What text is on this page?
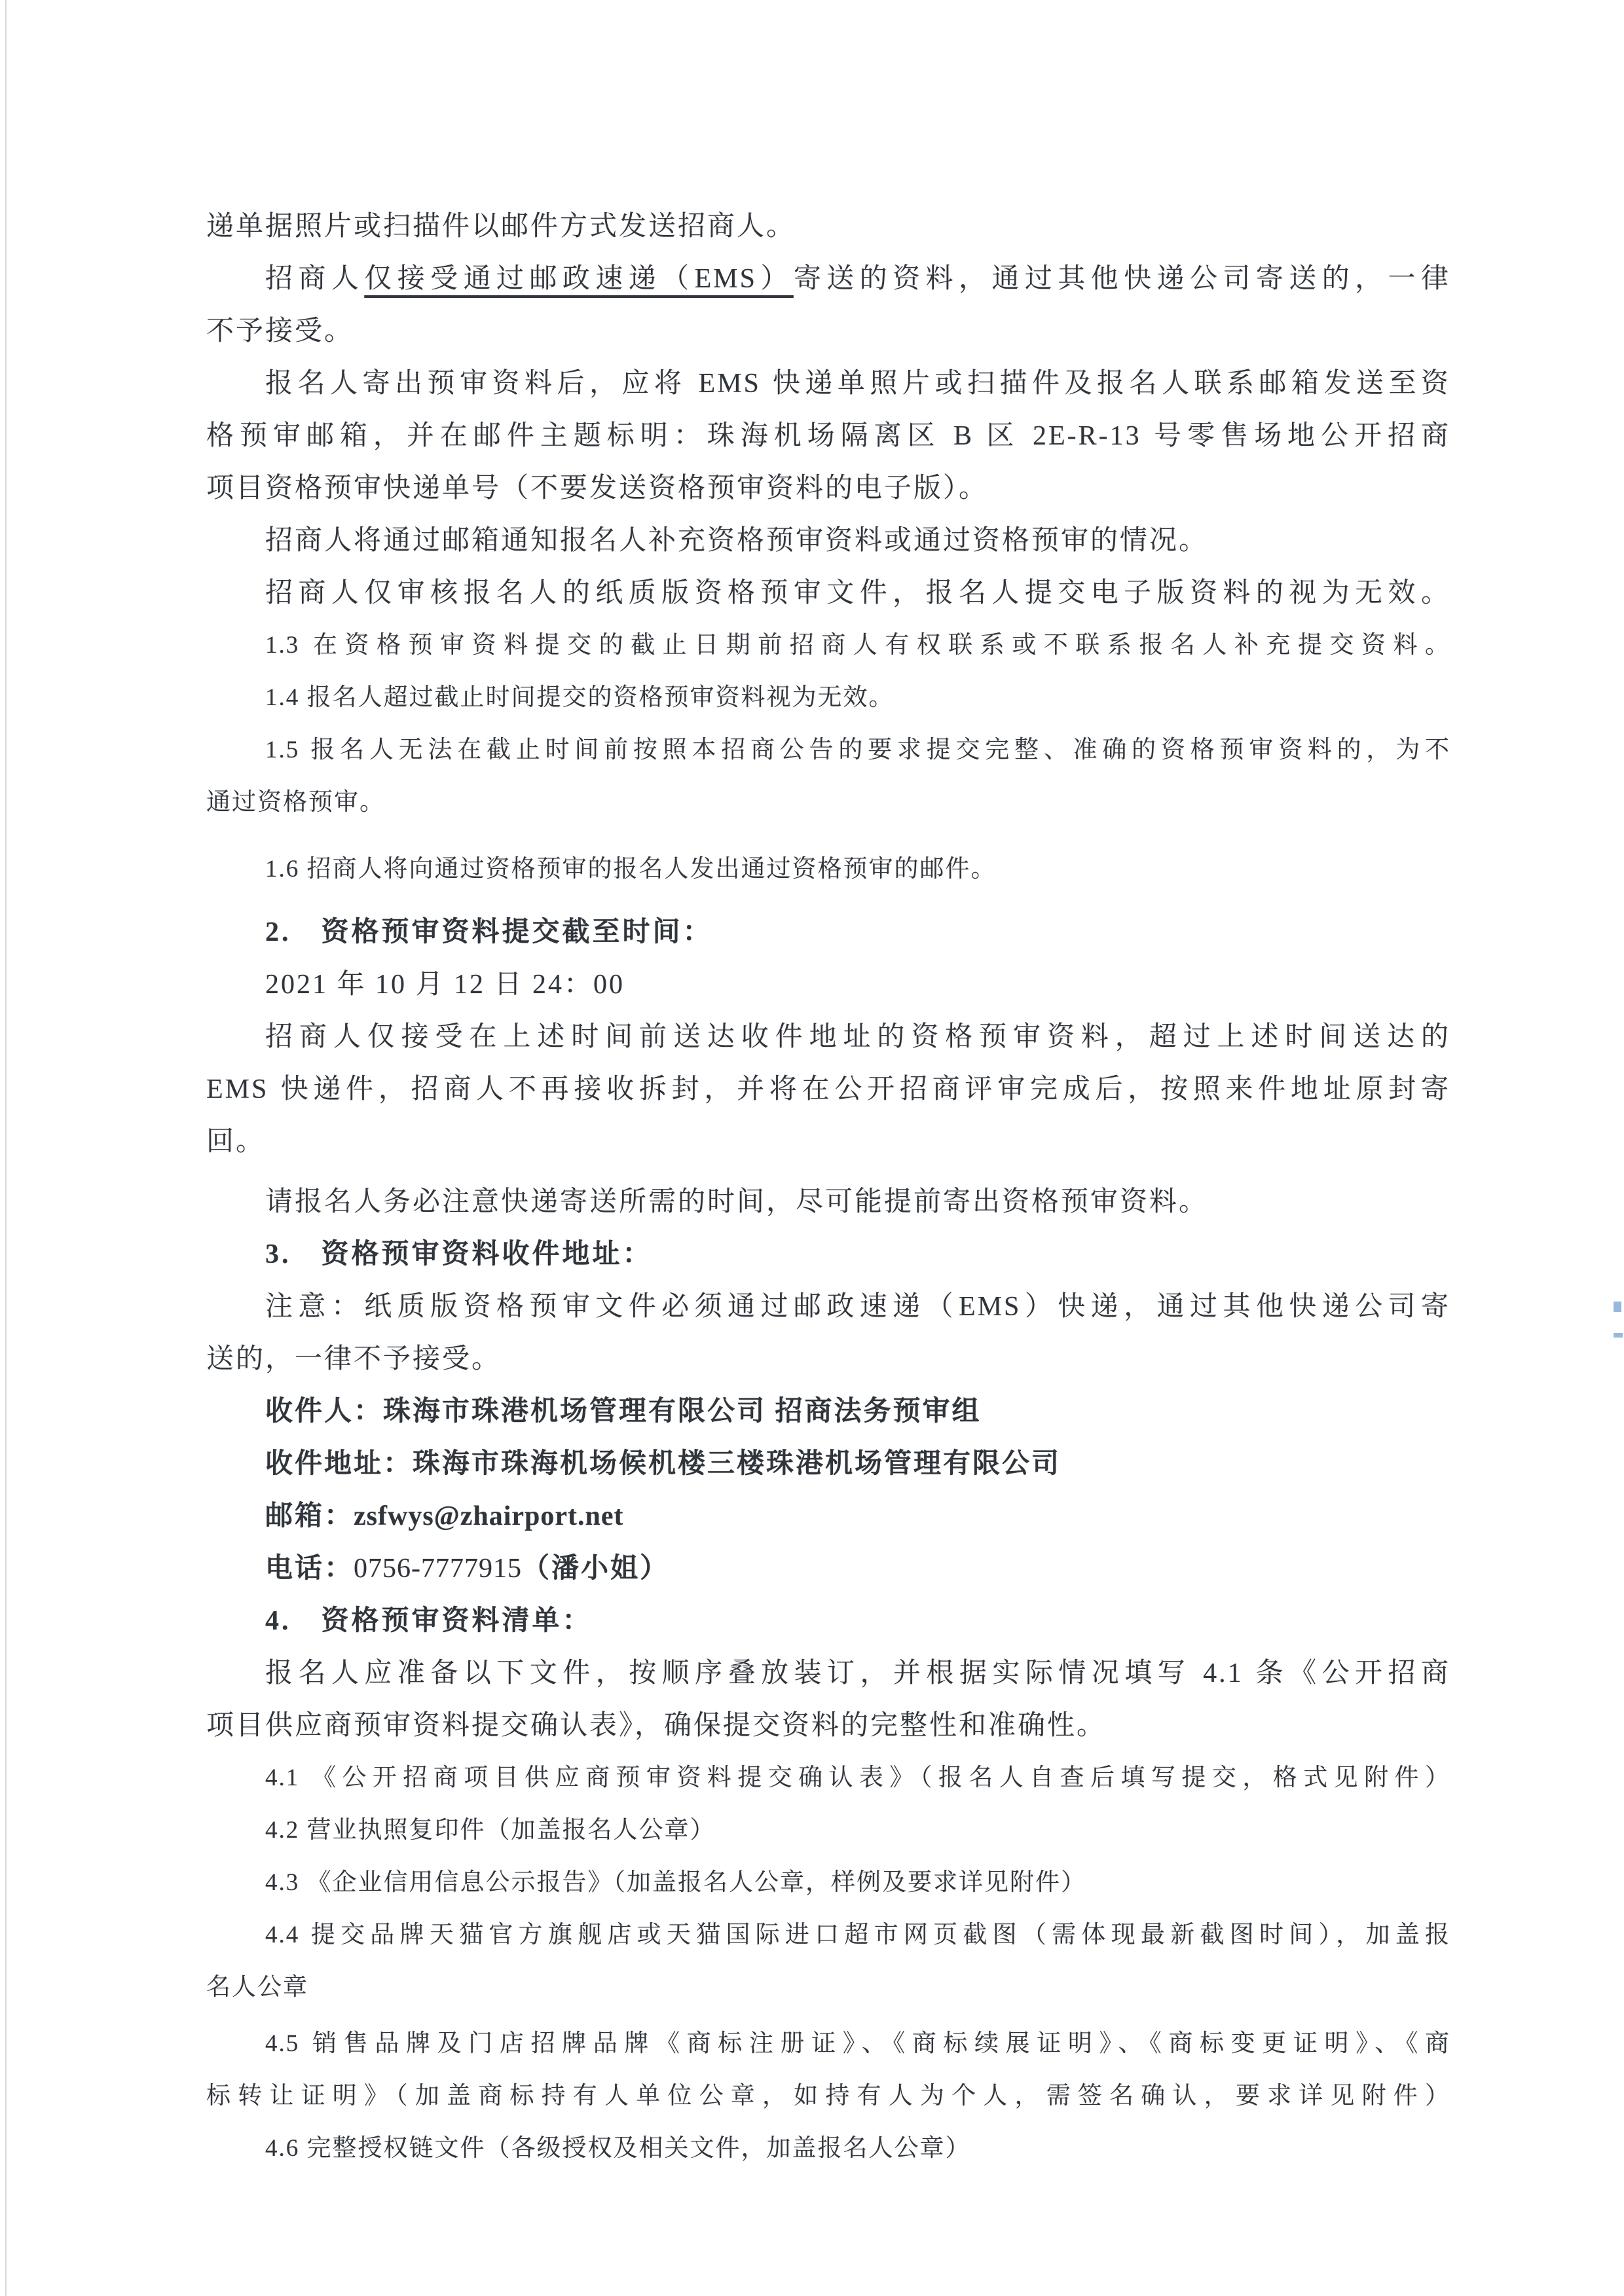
递单据照片或扫描件以邮件方式发送招商人。
招商人仅接受通过邮政速递（EMS）寄送的资料，通过其他快递公司寄送的，一律
不予接受。
报名人寄出预审资料后，应将 EMS 快递单照片或扫描件及报名人联系邮箱发送至资
格预审邮箱，并在邮件主题标明：珠海机场隔离区 B 区 2E-R-13 号零售场地公开招商
项目资格预审快递单号（不要发送资格预审资料的电子版）。
招商人将通过邮箱通知报名人补充资格预审资料或通过资格预审的情况。
招商人仅审核报名人的纸质版资格预审文件，报名人提交电子版资料的视为无效。
1.3 在资格预审资料提交的截止日期前招商人有权联系或不联系报名人补充提交资料。
1.4 报名人超过截止时间提交的资格预审资料视为无效。
1.5 报名人无法在截止时间前按照本招商公告的要求提交完整、准确的资格预审资料的，为不
通过资格预审。
1.6 招商人将向通过资格预审的报名人发出通过资格预审的邮件。
2.　资格预审资料提交截至时间：
2021 年 10 月 12 日 24：00
招商人仅接受在上述时间前送达收件地址的资格预审资料，超过上述时间送达的
EMS 快递件，招商人不再接收拆封，并将在公开招商评审完成后，按照来件地址原封寄
回。
请报名人务必注意快递寄送所需的时间，尽可能提前寄出资格预审资料。
3.　资格预审资料收件地址：
注意：纸质版资格预审文件必须通过邮政速递（EMS）快递，通过其他快递公司寄
送的，一律不予接受。
收件人：珠海市珠港机场管理有限公司 招商法务预审组
收件地址：珠海市珠海机场候机楼三楼珠港机场管理有限公司
邮箱：zsfwys@zhairport.net
电话：0756-7777915（潘小姐）
4.　资格预审资料清单：
报名人应准备以下文件，按顺序叠放装订，并根据实际情况填写 4.1 条《公开招商
项目供应商预审资料提交确认表》，确保提交资料的完整性和准确性。
4.1 《公开招商项目供应商预审资料提交确认表》（报名人自查后填写提交，格式见附件）
4.2 营业执照复印件（加盖报名人公章）
4.3 《企业信用信息公示报告》（加盖报名人公章，样例及要求详见附件）
4.4 提交品牌天猫官方旗舰店或天猫国际进口超市网页截图（需体现最新截图时间），加盖报
名人公章
4.5 销售品牌及门店招牌品牌《商标注册证》、《商标续展证明》、《商标变更证明》、《商
标转让证明》（加盖商标持有人单位公章，如持有人为个人，需签名确认，要求详见附件）
4.6 完整授权链文件（各级授权及相关文件，加盖报名人公章）
